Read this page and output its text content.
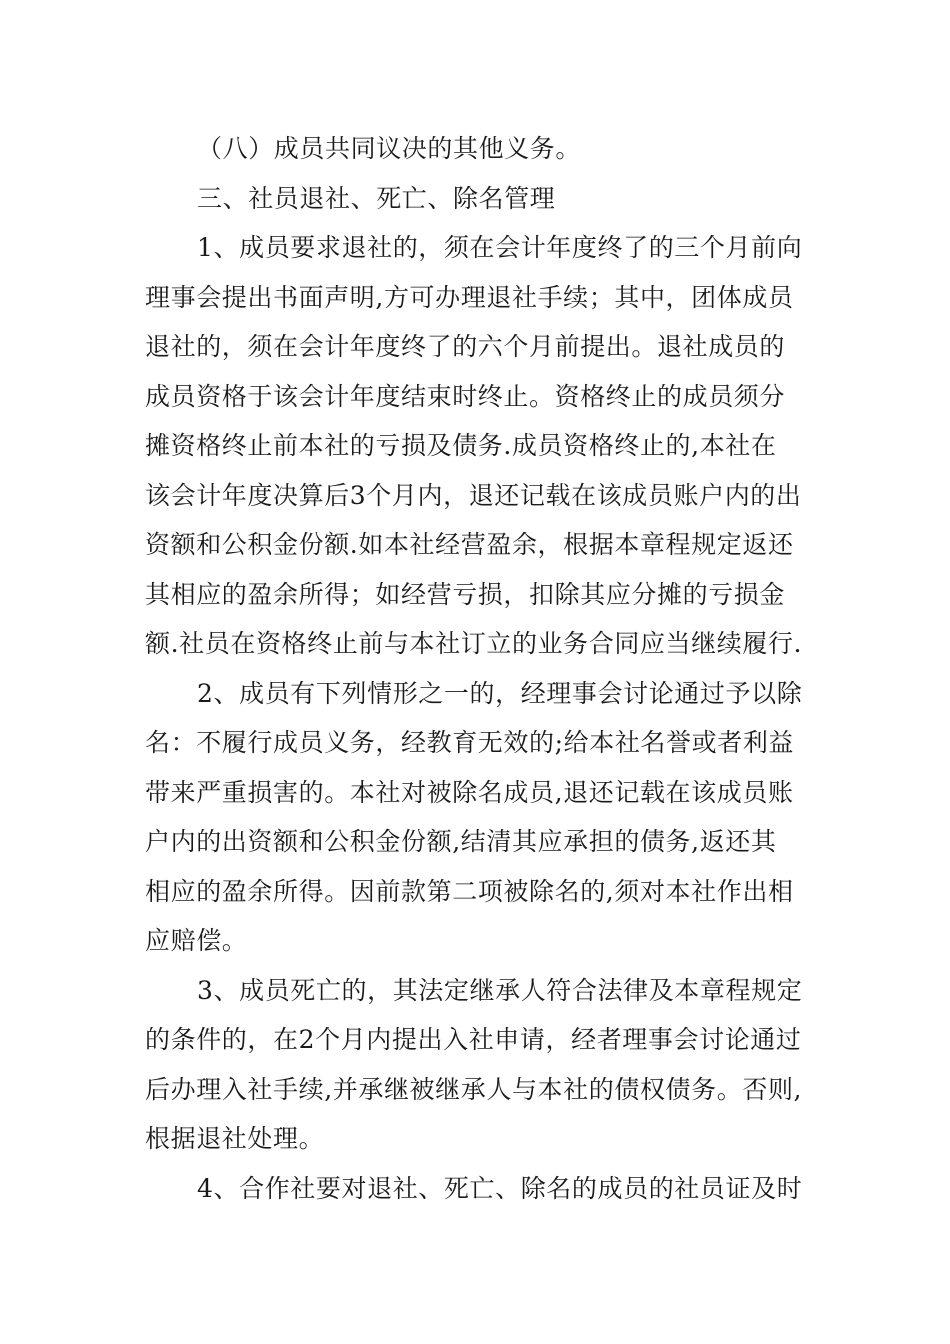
（八）成员共同议决的其他义务。
三、社员退社、死亡、除名管理
1、成员要求退社的，须在会计年度终了的三个月前向
理事会提出书面声明,方可办理退社手续；其中，团体成员
退社的，须在会计年度终了的六个月前提出。退社成员的
成员资格于该会计年度结束时终止。资格终止的成员须分
摊资格终止前本社的亏损及债务.成员资格终止的,本社在
该会计年度决算后3个月内，退还记载在该成员账户内的出
资额和公积金份额.如本社经营盈余，根据本章程规定返还
其相应的盈余所得；如经营亏损，扣除其应分摊的亏损金
额.社员在资格终止前与本社订立的业务合同应当继续履行.
2、成员有下列情形之一的，经理事会讨论通过予以除
名：不履行成员义务，经教育无效的;给本社名誉或者利益
带来严重损害的。本社对被除名成员,退还记载在该成员账
户内的出资额和公积金份额,结清其应承担的债务,返还其
相应的盈余所得。因前款第二项被除名的,须对本社作出相
应赔偿。
3、成员死亡的，其法定继承人符合法律及本章程规定
的条件的，在2个月内提出入社申请，经者理事会讨论通过
后办理入社手续,并承继被继承人与本社的债权债务。否则,
根据退社处理。
4、合作社要对退社、死亡、除名的成员的社员证及时
